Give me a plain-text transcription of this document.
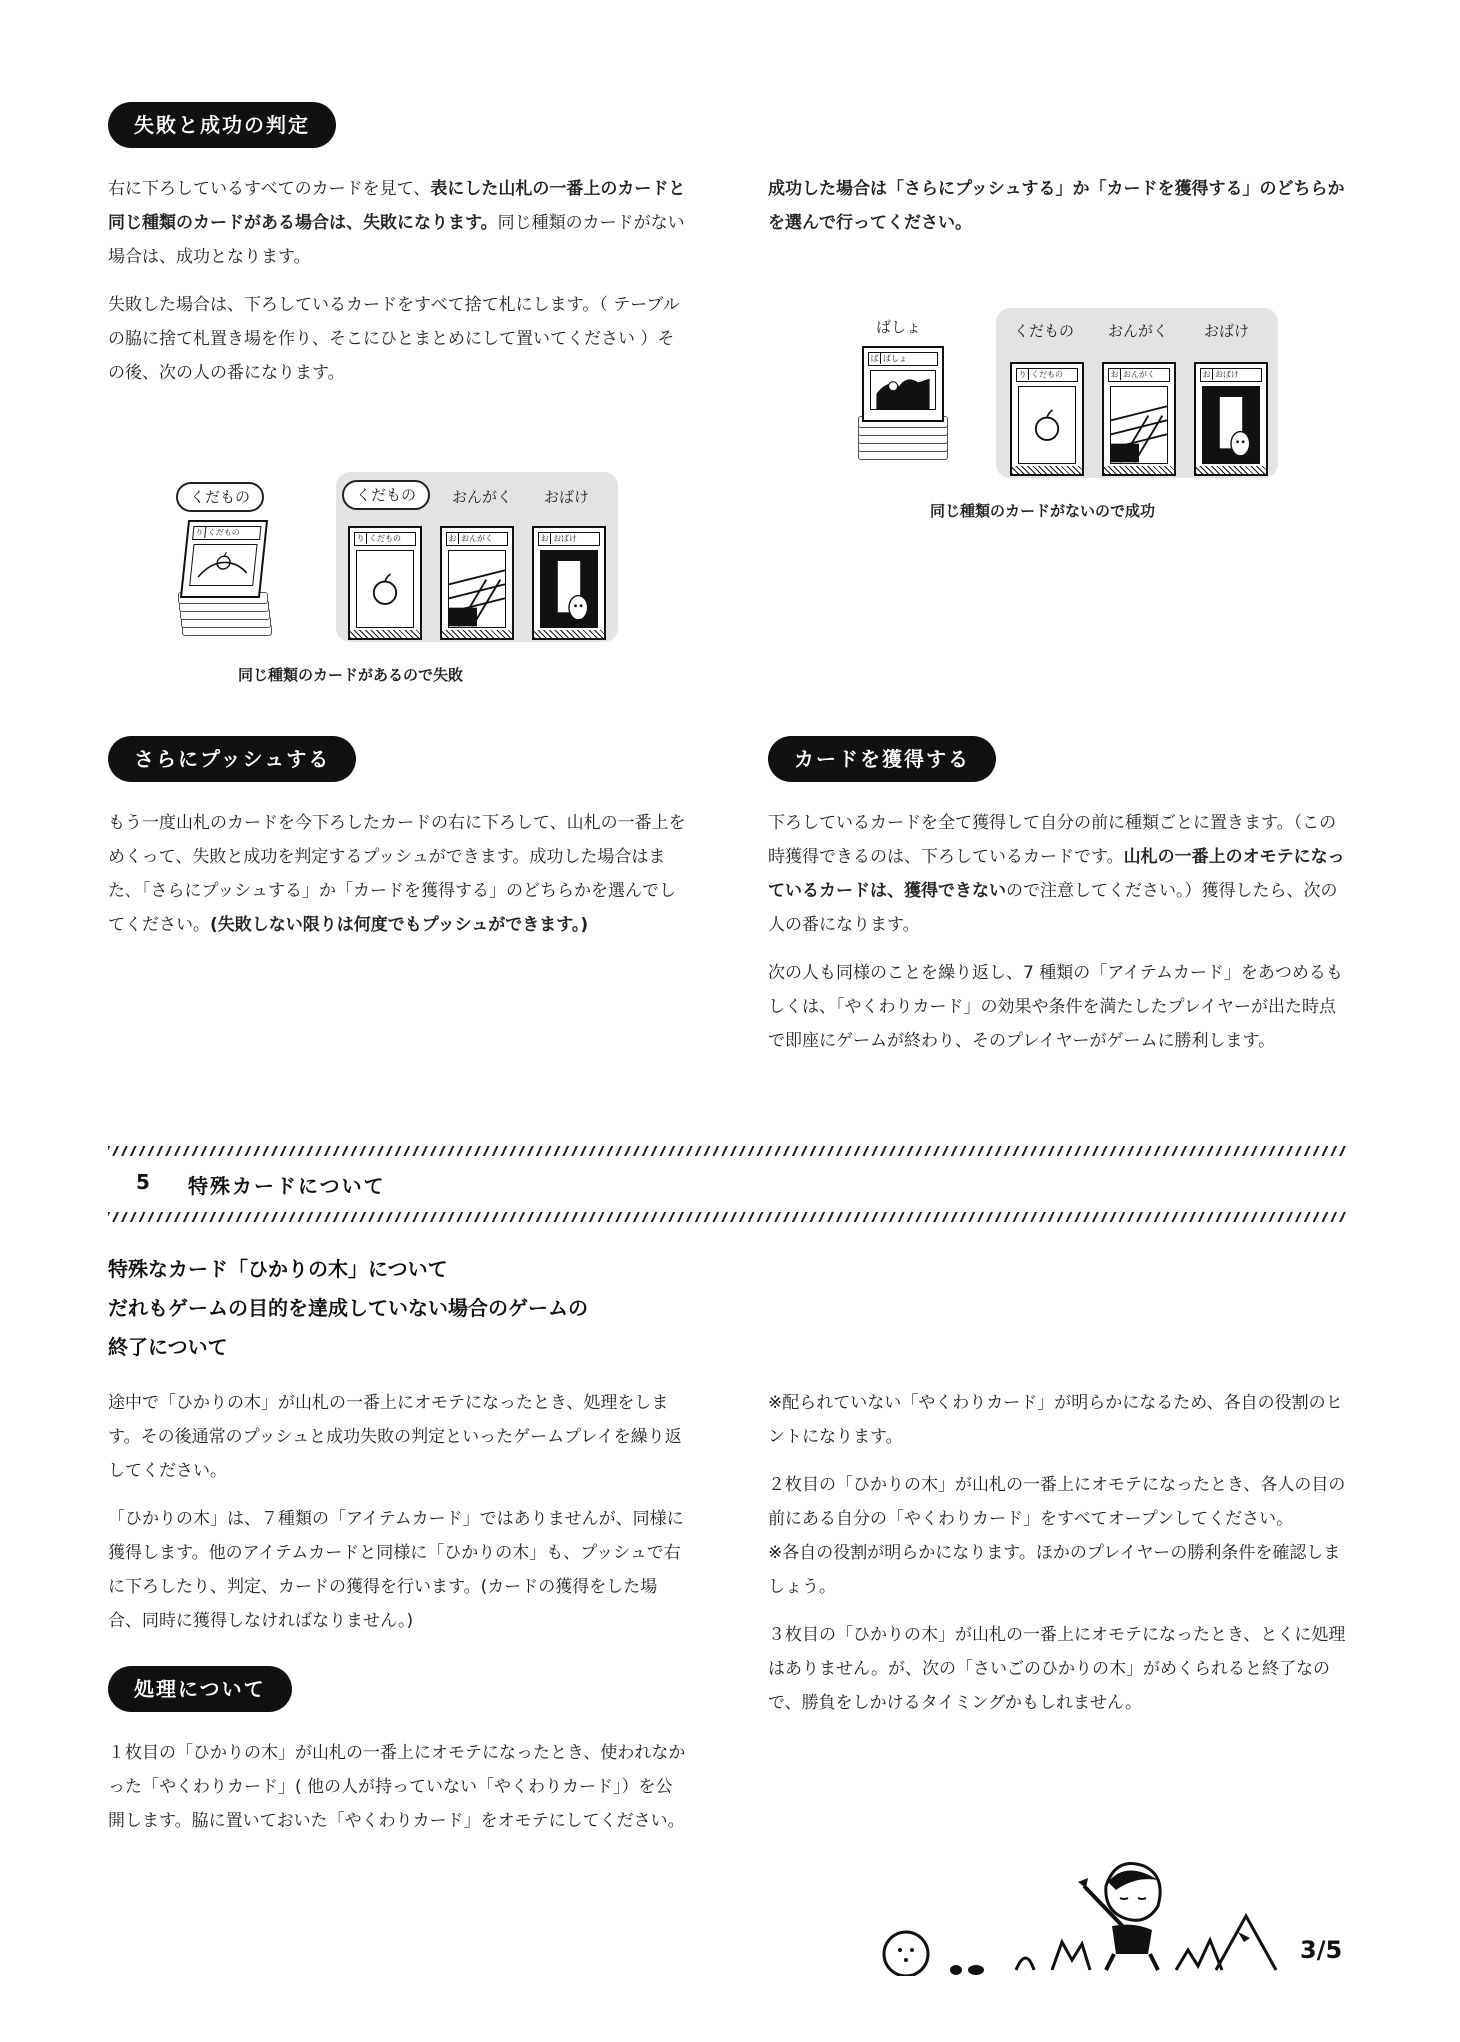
失敗と成功の判定

右に下ろしているすべてのカードを見て、表にした山札の一番上のカードと同じ種類のカードがある場合は、失敗になります。同じ種類のカードがない場合は、成功となります。

失敗した場合は、下ろしているカードをすべて捨て札にします。（ テーブルの脇に捨て札置き場を作り、そこにひとまとめにして置いてください ）その後、次の人の番になります。

成功した場合は「さらにプッシュする」か「カードを獲得する」のどちらかを選んで行ってください。

くだもの
り くだもの
くだもの	おんがく おばけ
り くだもの	お おんがく	お おばけ
同じ種類のカードがあるので失敗
ばしょ
ば ばしょ
くだもの おんがく おばけ
り くだもの	お おんがく	お おばけ
同じ種類のカードがないので成功
さらにプッシュする

もう一度山札のカードを今下ろしたカードの右に下ろして、山札の一番上をめくって、失敗と成功を判定するプッシュができます。成功した場合はまた､「さらにプッシュする」か「カードを獲得する」のどちらかを選んでしてください。(失敗しない限りは何度でもプッシュができます。)

カードを獲得する

下ろしているカードを全て獲得して自分の前に種類ごとに置きます。（この時獲得できるのは、下ろしているカードです。山札の一番上のオモテになっているカードは、獲得できないので注意してください。）獲得したら、次の人の番になります。

次の人も同様のことを繰り返し、7 種類の「アイテムカード」をあつめるもしくは、「やくわりカード」の効果や条件を満たしたプレイヤーが出た時点で即座にゲームが終わり、そのプレイヤーがゲームに勝利します。

5 特殊カードについて
特殊なカード「ひかりの木」について
だれもゲームの目的を達成していない場合のゲームの
終了について

途中で「ひかりの木」が山札の一番上にオモテになったとき、処理をします。その後通常のプッシュと成功失敗の判定といったゲームプレイを繰り返してください。

「ひかりの木」は、７種類の「アイテムカード」ではありませんが、同様に獲得します。他のアイテムカードと同様に「ひかりの木」も、プッシュで右に下ろしたり、判定、カードの獲得を行います。(カードの獲得をした場合、同時に獲得しなければなりません。)

処理について

１枚目の「ひかりの木」が山札の一番上にオモテになったとき、使われなかった「やくわりカード」( 他の人が持っていない「やくわりカード」）を公開します。脇に置いておいた「やくわりカード」をオモテにしてください。

※配られていない「やくわりカード」が明らかになるため、各自の役割のヒントになります。

２枚目の「ひかりの木」が山札の一番上にオモテになったとき、各人の目の前にある自分の「やくわりカード」をすべてオープンしてください。

※各自の役割が明らかになります。ほかのプレイヤーの勝利条件を確認しましょう。

３枚目の「ひかりの木」が山札の一番上にオモテになったとき、とくに処理はありません。が、次の「さいごのひかりの木」がめくられると終了なので、勝負をしかけるタイミングかもしれません。

3/5
